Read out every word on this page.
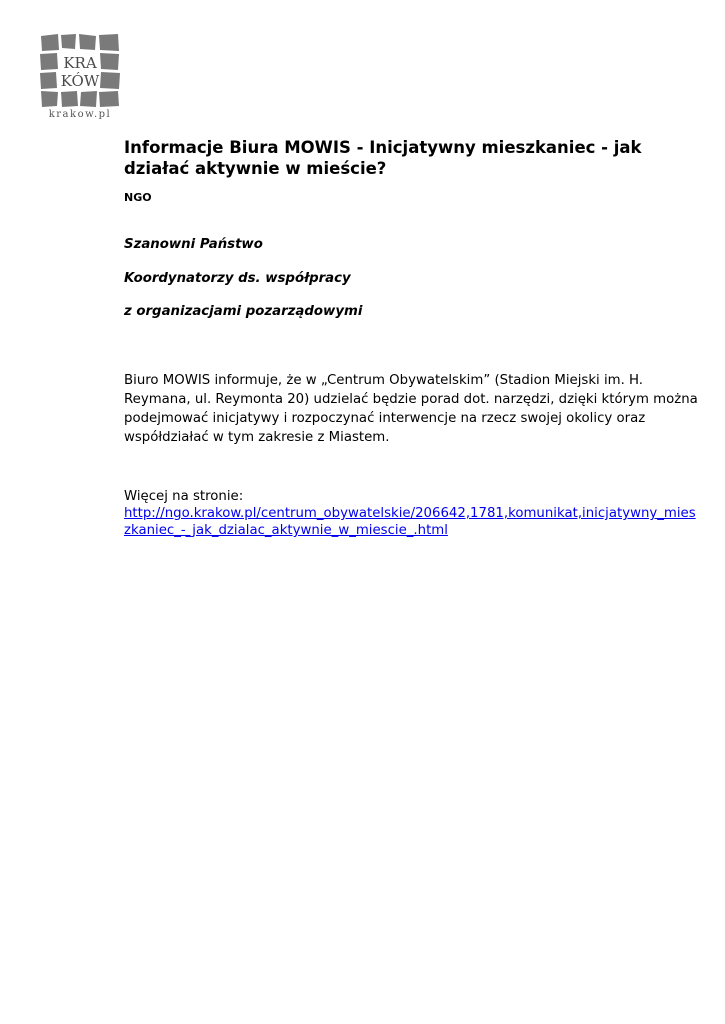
KRA
KÓW
krakow.pl
Informacje Biura MOWIS - Inicjatywny mieszkaniec - jak działać aktywnie w mieście?
NGO
Szanowni Państwo
Koordynatorzy ds. współpracy
z organizacjami pozarządowymi
Biuro MOWIS informuje, że w „Centrum Obywatelskim” (Stadion Miejski im. H.
Reymana, ul. Reymonta 20) udzielać będzie porad dot. narzędzi, dzięki którym można
podejmować inicjatywy i rozpoczynać interwencje na rzecz swojej okolicy oraz
współdziałać w tym zakresie z Miastem.
Więcej na stronie:
http://ngo.krakow.pl/centrum_obywatelskie/206642,1781,komunikat,inicjatywny_mies
zkaniec_-_jak_dzialac_aktywnie_w_miescie_.html
